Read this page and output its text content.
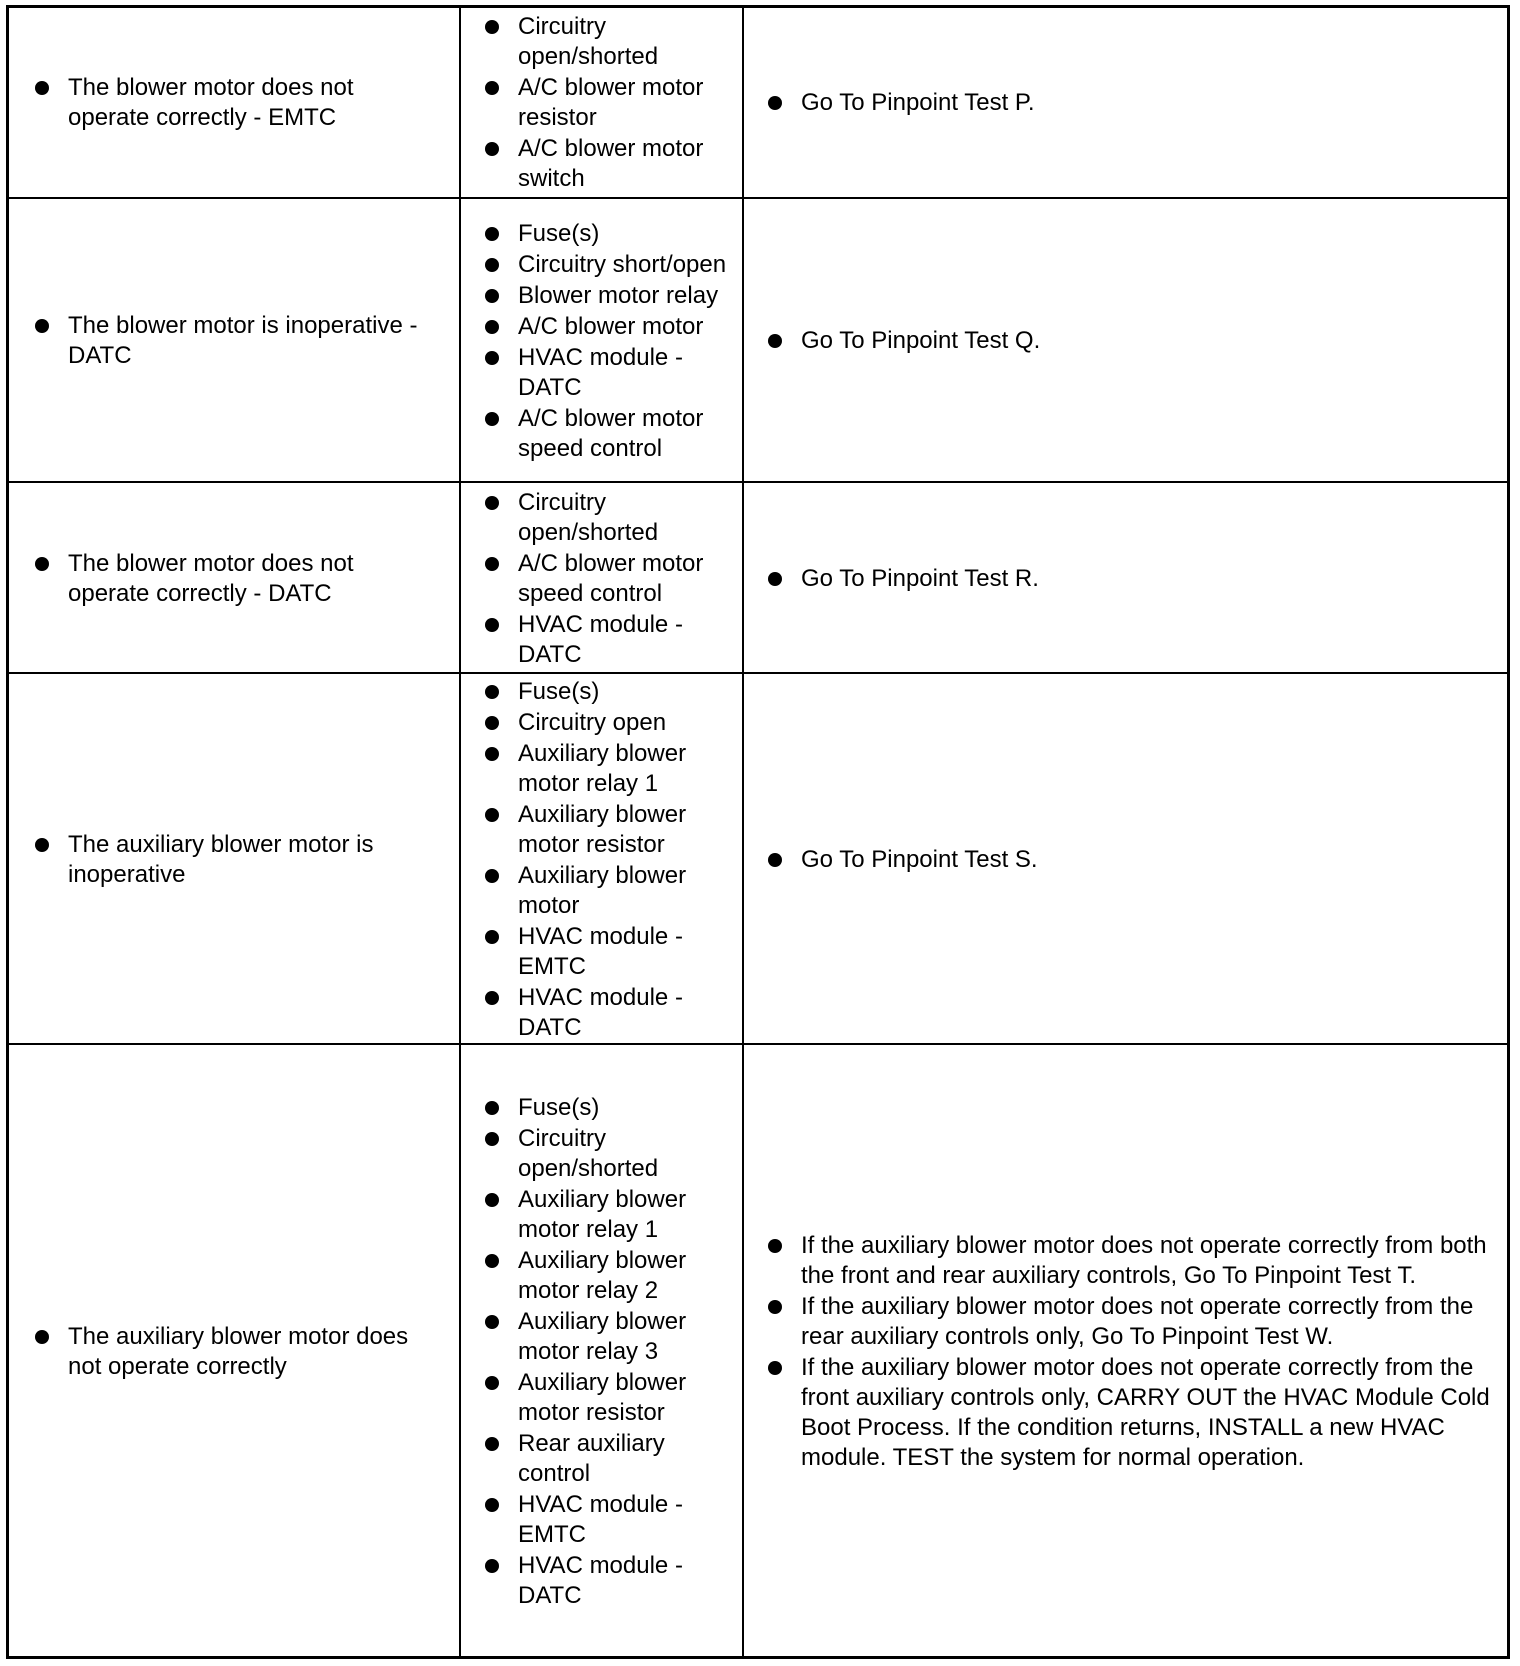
The blower motor does not operate correctly - EMTC
Circuitry open/shorted
A/C blower motor resistor
A/C blower motor switch
Go To Pinpoint Test P.
The blower motor is inoperative - DATC
Fuse(s)
Circuitry short/open
Blower motor relay
A/C blower motor
HVAC module - DATC
A/C blower motor speed control
Go To Pinpoint Test Q.
The blower motor does not operate correctly - DATC
Circuitry open/shorted
A/C blower motor speed control
HVAC module - DATC
Go To Pinpoint Test R.
The auxiliary blower motor is inoperative
Fuse(s)
Circuitry open
Auxiliary blower motor relay 1
Auxiliary blower motor resistor
Auxiliary blower motor
HVAC module - EMTC
HVAC module - DATC
Go To Pinpoint Test S.
The auxiliary blower motor does not operate correctly
Fuse(s)
Circuitry open/shorted
Auxiliary blower motor relay 1
Auxiliary blower motor relay 2
Auxiliary blower motor relay 3
Auxiliary blower motor resistor
Rear auxiliary control
HVAC module - EMTC
HVAC module - DATC
If the auxiliary blower motor does not operate correctly from both the front and rear auxiliary controls, Go To Pinpoint Test T.
If the auxiliary blower motor does not operate correctly from the rear auxiliary controls only, Go To Pinpoint Test W.
If the auxiliary blower motor does not operate correctly from the front auxiliary controls only, CARRY OUT the HVAC Module Cold Boot Process. If the condition returns, INSTALL a new HVAC module. TEST the system for normal operation.
